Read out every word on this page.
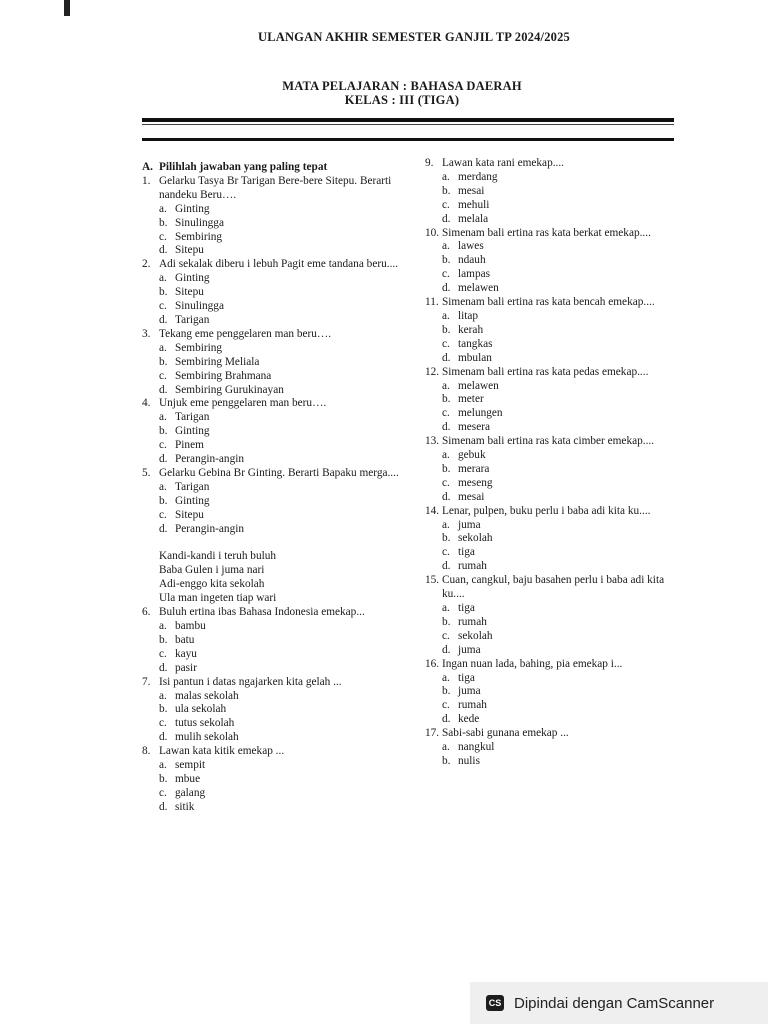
ULANGAN AKHIR SEMESTER GANJIL TP 2024/2025
MATA PELAJARAN : BAHASA DAERAH
KELAS : III (TIGA)
A. Pilihlah jawaban yang paling tepat
1. Gelarku Tasya Br Tarigan Bere-bere Sitepu. Berarti nandeku Beru….
a. Ginting
b. Sinulingga
c. Sembiring
d. Sitepu
2. Adi sekalak diberu i lebuh Pagit eme tandana beru....
a. Ginting
b. Sitepu
c. Sinulingga
d. Tarigan
3. Tekang eme penggelaren man beru….
a. Sembiring
b. Sembiring Meliala
c. Sembiring Brahmana
d. Sembiring Gurukinayan
4. Unjuk eme penggelaren man beru….
a. Tarigan
b. Ginting
c. Pinem
d. Perangin-angin
5. Gelarku Gebina Br Ginting. Berarti Bapaku merga....
a. Tarigan
b. Ginting
c. Sitepu
d. Perangin-angin
Kandi-kandi i teruh buluh
Baba Gulen i juma nari
Adi-enggo kita sekolah
Ula man ingeten tiap wari
6. Buluh ertina ibas Bahasa Indonesia emekap...
a. bambu
b. batu
c. kayu
d. pasir
7. Isi pantun i datas ngajarken kita gelah ...
a. malas sekolah
b. ula sekolah
c. tutus sekolah
d. mulih sekolah
8. Lawan kata kitik emekap ...
a. sempit
b. mbue
c. galang
d. sitik
9. Lawan kata rani emekap....
a. merdang
b. mesai
c. mehuli
d. melala
10. Simenam bali ertina ras kata berkat emekap....
a. lawes
b. ndauh
c. lampas
d. melawen
11. Simenam bali ertina ras kata bencah emekap....
a. litap
b. kerah
c. tangkas
d. mbulan
12. Simenam bali ertina ras kata pedas emekap....
a. melawen
b. meter
c. melungen
d. mesera
13. Simenam bali ertina ras kata cimber emekap....
a. gebuk
b. merara
c. meseng
d. mesai
14. Lenar, pulpen, buku perlu i baba adi kita ku....
a. juma
b. sekolah
c. tiga
d. rumah
15. Cuan, cangkul, baju basahen perlu i baba adi kita ku....
a. tiga
b. rumah
c. sekolah
d. juma
16. Ingan nuan lada, bahing, pia emekap i...
a. tiga
b. juma
c. rumah
d. kede
17. Sabi-sabi gunana emekap ...
a. nangkul
b. nulis
CS Dipindai dengan CamScanner
